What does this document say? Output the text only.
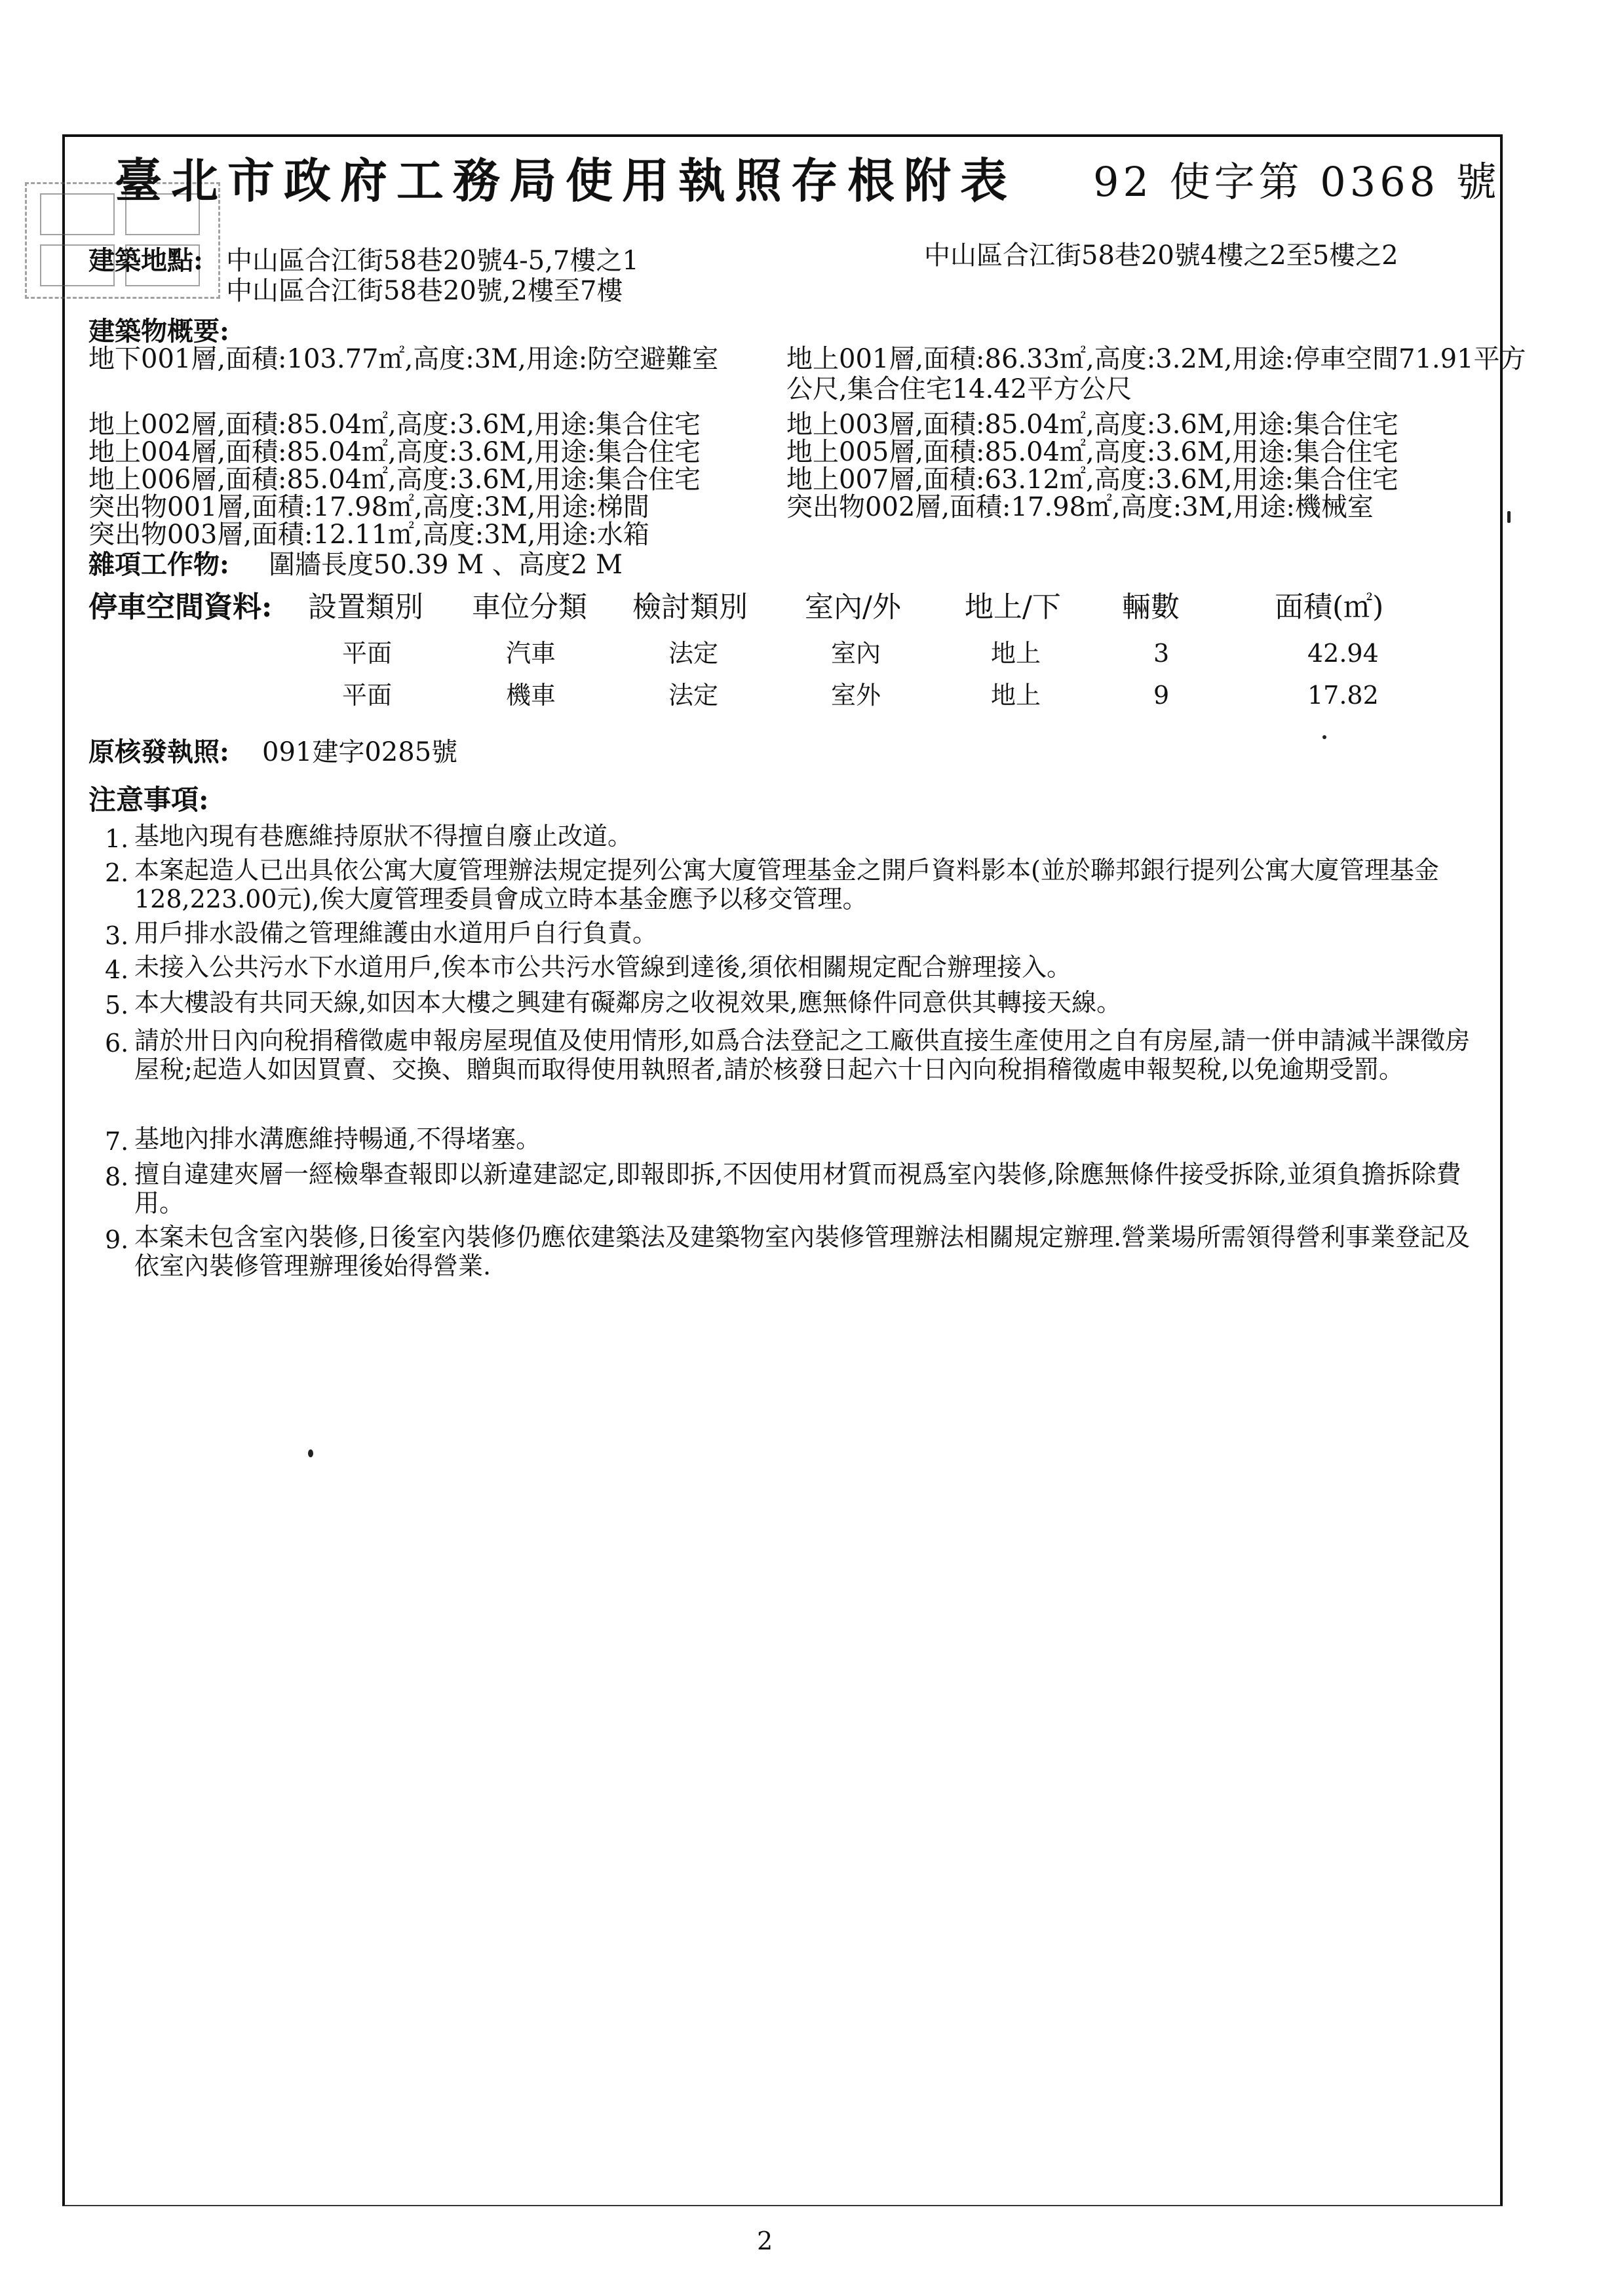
臺北市政府工務局使用執照存根附表 92 使字第 0368 號
建築地點: 中山區合江街58巷20號4-5,7樓之1
中山區合江街58巷20號,2樓至7樓
中山區合江街58巷20號4樓之2至5樓之2
建築物概要:
地下001層,面積:103.77㎡,高度:3M,用途:防空避難室
地上002層,面積:85.04㎡,高度:3.6M,用途:集合住宅
地上004層,面積:85.04㎡,高度:3.6M,用途:集合住宅
地上006層,面積:85.04㎡,高度:3.6M,用途:集合住宅
突出物001層,面積:17.98㎡,高度:3M,用途:梯間
突出物003層,面積:12.11㎡,高度:3M,用途:水箱
地上001層,面積:86.33㎡,高度:3.2M,用途:停車空間71.91平方
公尺,集合住宅14.42平方公尺
地上003層,面積:85.04㎡,高度:3.6M,用途:集合住宅
地上005層,面積:85.04㎡,高度:3.6M,用途:集合住宅
地上007層,面積:63.12㎡,高度:3.6M,用途:集合住宅
突出物002層,面積:17.98㎡,高度:3M,用途:機械室
雜項工作物: 圍牆長度50.39 M 、高度2 M
停車空間資料: 設置類別 車位分類 檢討類別 室內/外 地上/下 輛數	面積(㎡)
平面	汽車	法定	室內	地上	3	42.94
平面	機車	法定	室外	地上	9	17.82
原核發執照: 091建字0285號
注意事項:
1. 基地內現有巷應維持原狀不得擅自廢止改道。
2. 本案起造人已出具依公寓大廈管理辦法規定提列公寓大廈管理基金之開戶資料影本(並於聯邦銀行提列公寓大廈管理基金128,223.00元),俟大廈管理委員會成立時本基金應予以移交管理。
3. 用戶排水設備之管理維護由水道用戶自行負責。
4. 未接入公共污水下水道用戶,俟本市公共污水管線到達後,須依相關規定配合辦理接入。
5. 本大樓設有共同天線,如因本大樓之興建有礙鄰房之收視效果,應無條件同意供其轉接天線。
6. 請於卅日內向稅捐稽徵處申報房屋現值及使用情形,如爲合法登記之工廠供直接生產使用之自有房屋,請一併申請減半課徵房屋稅;起造人如因買賣、交換、贈與而取得使用執照者,請於核發日起六十日內向稅捐稽徵處申報契稅,以免逾期受罰。
7. 基地內排水溝應維持暢通,不得堵塞。
8. 擅自違建夾層一經檢舉查報即以新違建認定,即報即拆,不因使用材質而視爲室內裝修,除應無條件接受拆除,並須負擔拆除費用。
9. 本案未包含室內裝修,日後室內裝修仍應依建築法及建築物室內裝修管理辦法相關規定辦理.營業場所需領得營利事業登記及依室內裝修管理辦理後始得營業.
2
